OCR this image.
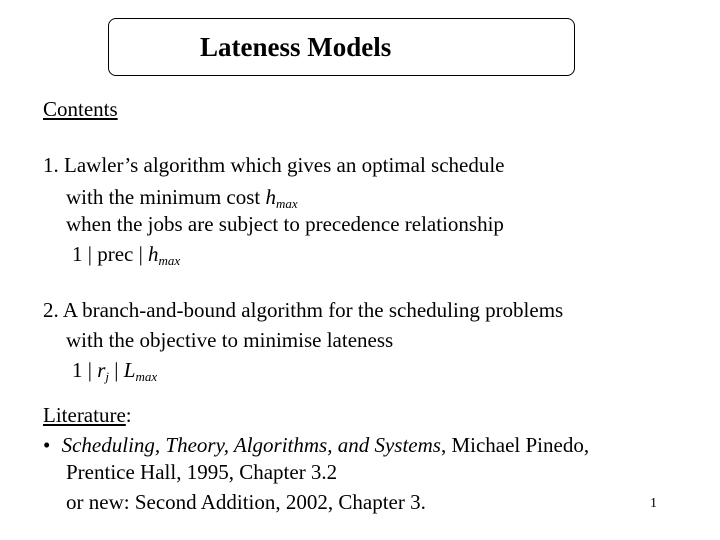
Lateness Models
Contents
1. Lawler’s algorithm which gives an optimal schedule
with the minimum cost $h_{max}$
when the jobs are subject to precedence relationship
1 | prec | $h_{max}$
2. A branch-and-bound algorithm for the scheduling problems
with the objective to minimise lateness
1 | $r_j$ | $L_{max}$
Literature:
• Scheduling, Theory, Algorithms, and Systems, Michael Pinedo,
Prentice Hall, 1995, Chapter 3.2
or new: Second Addition, 2002, Chapter 3.	1
